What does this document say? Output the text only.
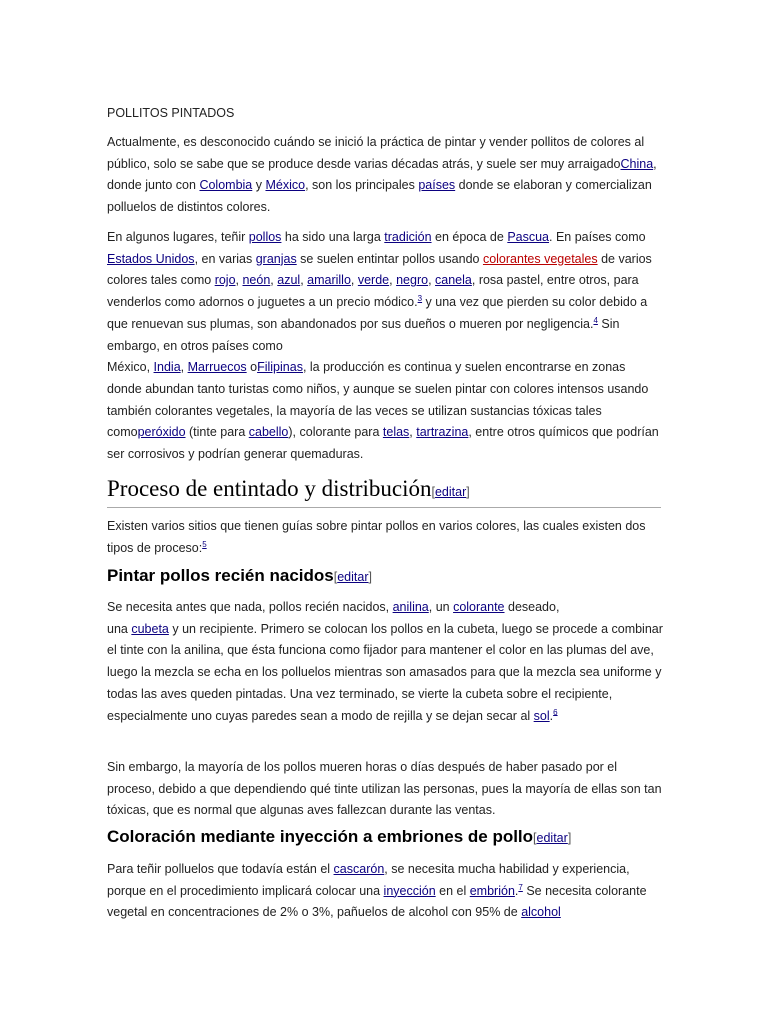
POLLITOS PINTADOS

Actualmente, es desconocido cuándo se inició la práctica de pintar y vender pollitos de colores al público, solo se sabe que se produce desde varias décadas atrás, y suele ser muy arraigadoChina, donde junto con Colombia y México, son los principales países donde se elaboran y comercializan polluelos de distintos colores.

En algunos lugares, teñir pollos ha sido una larga tradición en época de Pascua. En países como Estados Unidos, en varias granjas se suelen entintar pollos usando colorantes vegetales de varios colores tales como rojo, neón, azul, amarillo, verde, negro, canela, rosa pastel, entre otros, para venderlos como adornos o juguetes a un precio módico.$^3$ y una vez que pierden su color debido a que renuevan sus plumas, son abandonados por sus dueños o mueren por negligencia.$^4$ Sin embargo, en otros países como
México, India, Marruecos oFilipinas, la producción es continua y suelen encontrarse en zonas donde abundan tanto turistas como niños, y aunque se suelen pintar con colores intensos usando también colorantes vegetales, la mayoría de las veces se utilizan sustancias tóxicas tales comoperóxido (tinte para cabello), colorante para telas, tartrazina, entre otros químicos que podrían ser corrosivos y podrían generar quemaduras.

Proceso de entintado y distribución[editar]

Existen varios sitios que tienen guías sobre pintar pollos en varios colores, las cuales existen dos tipos de proceso:$^5$

Pintar pollos recién nacidos[editar]

Se necesita antes que nada, pollos recién nacidos, anilina, un colorante deseado,
una cubeta y un recipiente. Primero se colocan los pollos en la cubeta, luego se procede a combinar el tinte con la anilina, que ésta funciona como fijador para mantener el color en las plumas del ave, luego la mezcla se echa en los polluelos mientras son amasados para que la mezcla sea uniforme y todas las aves queden pintadas. Una vez terminado, se vierte la cubeta sobre el recipiente, especialmente uno cuyas paredes sean a modo de rejilla y se dejan secar al sol.$^6$

Sin embargo, la mayoría de los pollos mueren horas o días después de haber pasado por el proceso, debido a que dependiendo qué tinte utilizan las personas, pues la mayoría de ellas son tan tóxicas, que es normal que algunas aves fallezcan durante las ventas.

Coloración mediante inyección a embriones de pollo[editar]

Para teñir polluelos que todavía están el cascarón, se necesita mucha habilidad y experiencia, porque en el procedimiento implicará colocar una inyección en el embrión.$^7$ Se necesita colorante vegetal en concentraciones de 2% o 3%, pañuelos de alcohol con 95% de alcohol
